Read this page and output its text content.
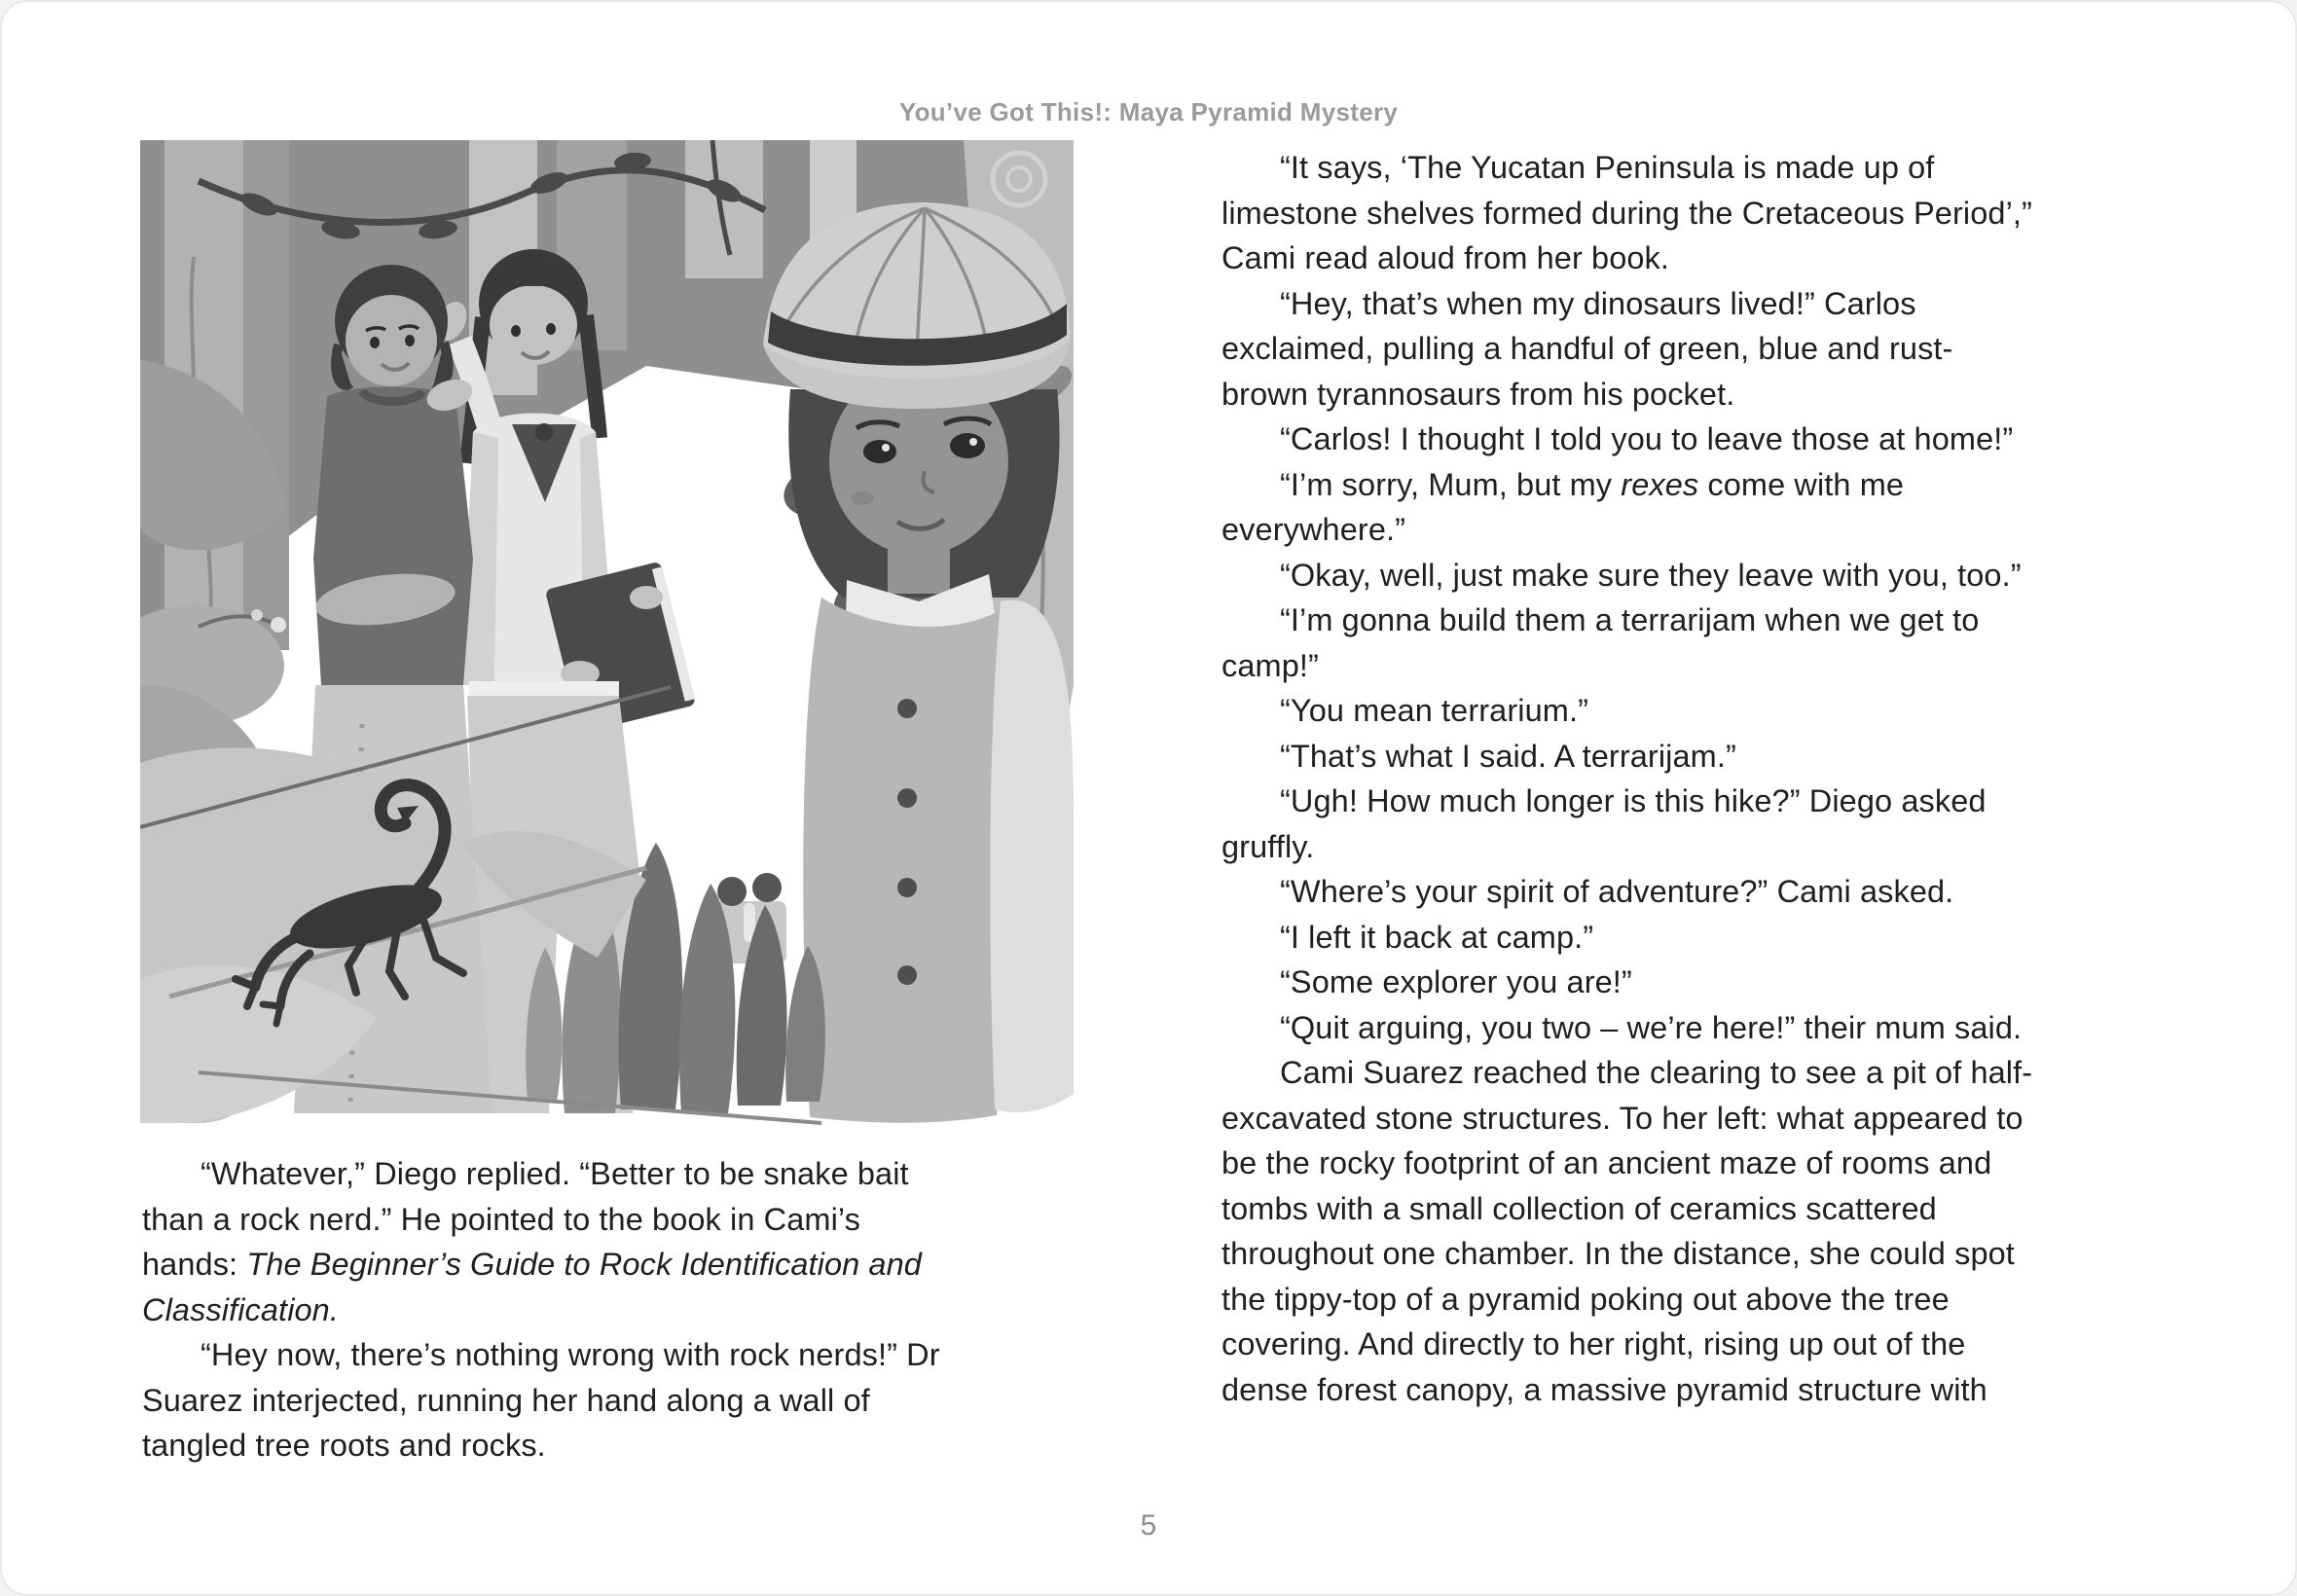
You’ve Got This!: Maya Pyramid Mystery
“Whatever,” Diego replied. “Better to be snake bait
than a rock nerd.” He pointed to the book in Cami’s
hands: The Beginner’s Guide to Rock Identification and
Classification.
“Hey now, there’s nothing wrong with rock nerds!” Dr
Suarez interjected, running her hand along a wall of
tangled tree roots and rocks.
“It says, ‘The Yucatan Peninsula is made up of
limestone shelves formed during the Cretaceous Period’,”
Cami read aloud from her book.
“Hey, that’s when my dinosaurs lived!” Carlos
exclaimed, pulling a handful of green, blue and rust-
brown tyrannosaurs from his pocket.
“Carlos! I thought I told you to leave those at home!”
“I’m sorry, Mum, but my rexes come with me
everywhere.”
“Okay, well, just make sure they leave with you, too.”
“I’m gonna build them a terrarijam when we get to
camp!”
“You mean terrarium.”
“That’s what I said. A terrarijam.”
“Ugh! How much longer is this hike?” Diego asked
gruffly.
“Where’s your spirit of adventure?” Cami asked.
“I left it back at camp.”
“Some explorer you are!”
“Quit arguing, you two – we’re here!” their mum said.
Cami Suarez reached the clearing to see a pit of half-
excavated stone structures. To her left: what appeared to
be the rocky footprint of an ancient maze of rooms and
tombs with a small collection of ceramics scattered
throughout one chamber. In the distance, she could spot
the tippy-top of a pyramid poking out above the tree
covering. And directly to her right, rising up out of the
dense forest canopy, a massive pyramid structure with
5
